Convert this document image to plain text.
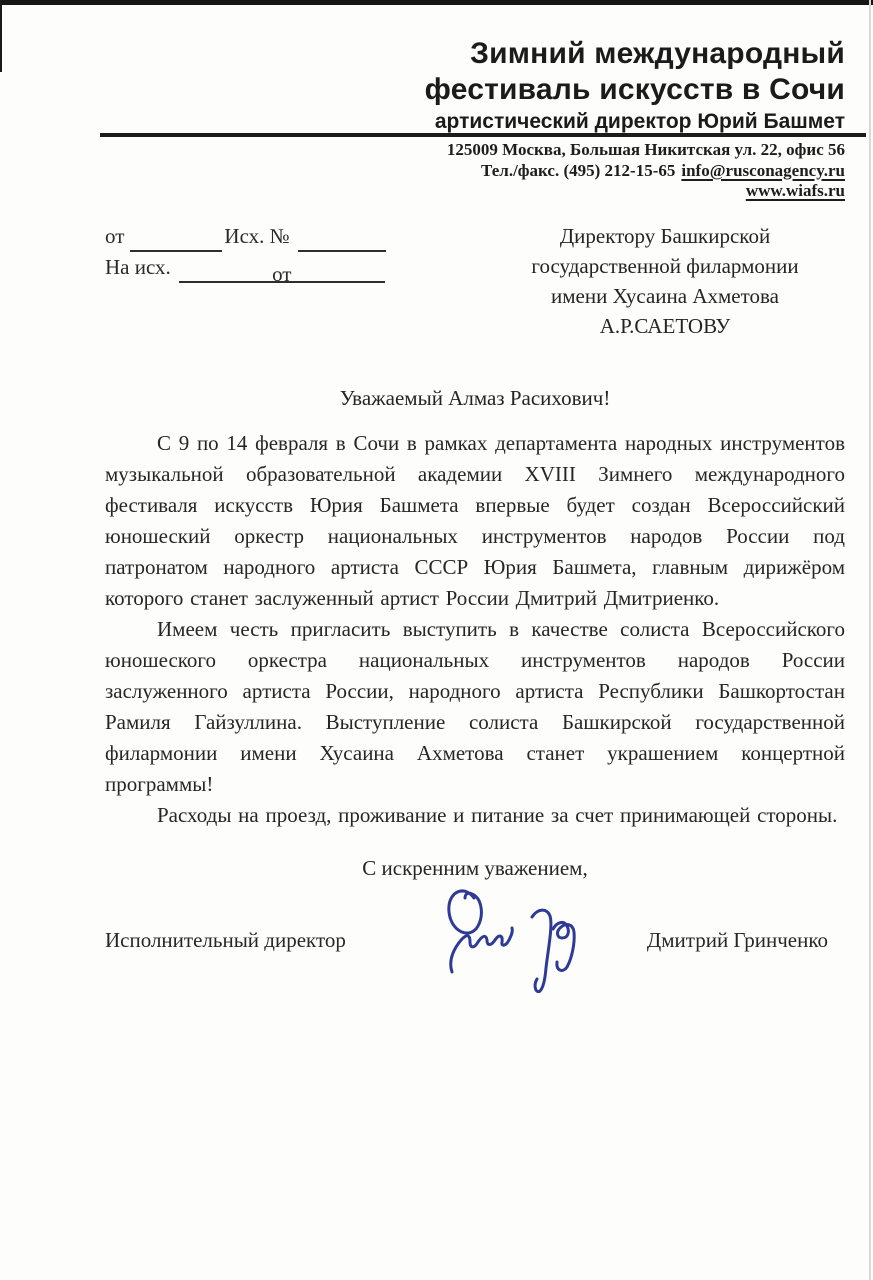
Зимний международный
фестиваль искусств в Сочи
артистический директор Юрий Башмет
125009 Москва, Большая Никитская ул. 22, офис 56
Тел./факс. (495) 212-15-65 info@rusconagency.ru
www.wiafs.ru
от	Исх. №
На исх.	от
Директору Башкирской
государственной филармонии
имени Хусаина Ахметова
А.Р.САЕТОВУ
Уважаемый Алмаз Расихович!

С 9 по 14 февраля в Сочи в рамках департамента народных инструментов музыкальной образовательной академии XVIII Зимнего международного фестиваля искусств Юрия Башмета впервые будет создан Всероссийский юношеский оркестр национальных инструментов народов России под патронатом народного артиста СССР Юрия Башмета, главным дирижёром которого станет заслуженный артист России Дмитрий Дмитриенко.

Имеем честь пригласить выступить в качестве солиста Всероссийского юношеского оркестра национальных инструментов народов России заслуженного артиста России, народного артиста Республики Башкортостан Рамиля Гайзуллина. Выступление солиста Башкирской государственной филармонии имени Хусаина Ахметова станет украшением концертной программы!

Расходы на проезд, проживание и питание за счет принимающей стороны.

С искренним уважением,
Исполнительный директор	Дмитрий Гринченко
